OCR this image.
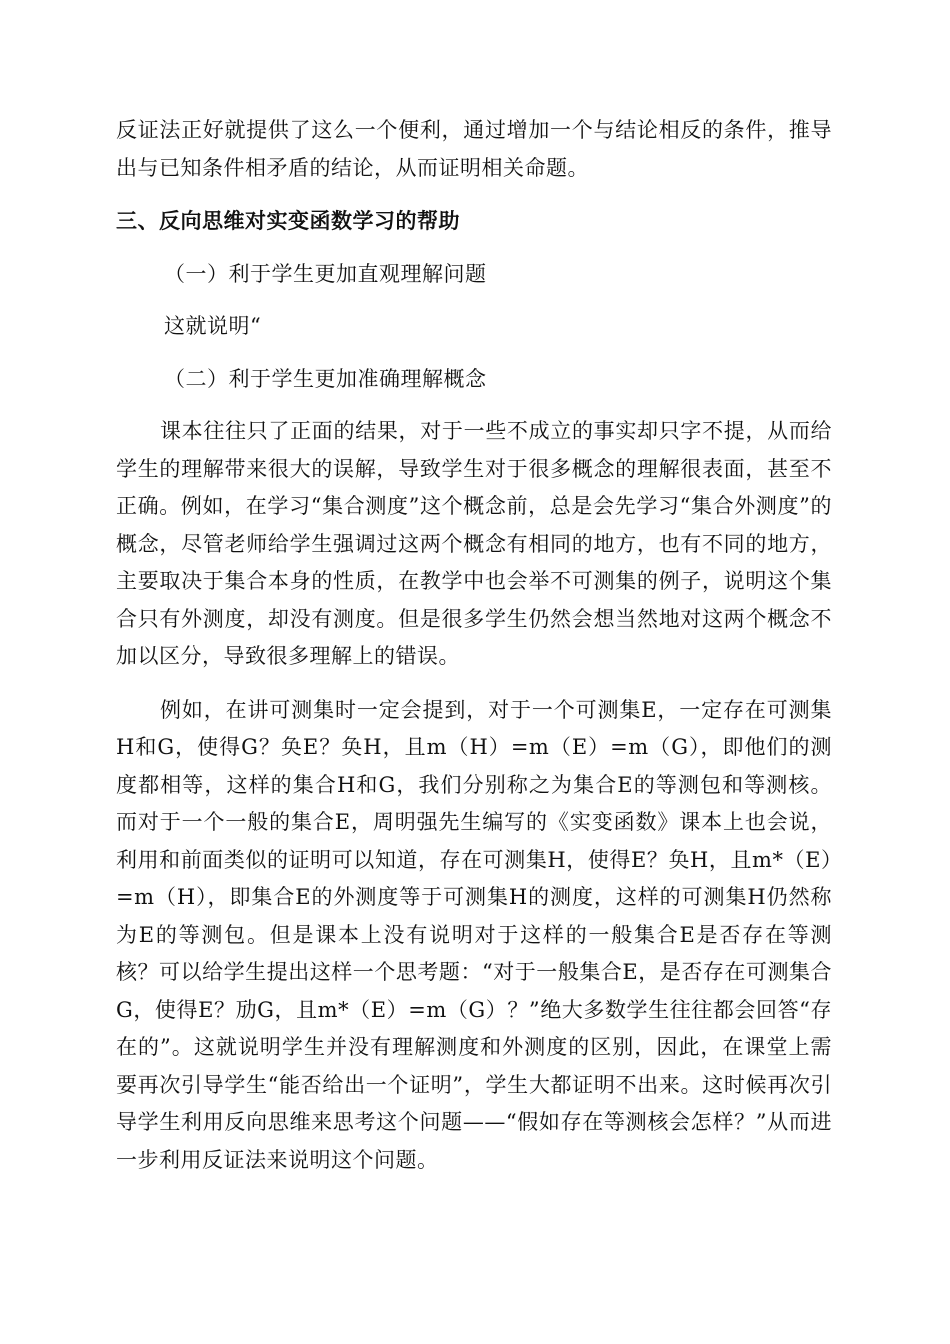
反证法正好就提供了这么一个便利，通过增加一个与结论相反的条件，推导出与已知条件相矛盾的结论，从而证明相关命题。

三、反向思维对实变函数学习的帮助

（一）利于学生更加直观理解问题

这就说明“

（二）利于学生更加准确理解概念

课本往往只了正面的结果，对于一些不成立的事实却只字不提，从而给学生的理解带来很大的误解，导致学生对于很多概念的理解很表面，甚至不正确。例如，在学习“集合测度”这个概念前，总是会先学习“集合外测度”的概念，尽管老师给学生强调过这两个概念有相同的地方，也有不同的地方，主要取决于集合本身的性质，在教学中也会举不可测集的例子，说明这个集合只有外测度，却没有测度。但是很多学生仍然会想当然地对这两个概念不加以区分，导致很多理解上的错误。

例如，在讲可测集时一定会提到，对于一个可测集E，一定存在可测集H和G，使得G？奂E？奂H，且m（H）=m（E）=m（G），即他们的测度都相等，这样的集合H和G，我们分别称之为集合E的等测包和等测核。而对于一个一般的集合E，周明强先生编写的《实变函数》课本上也会说，利用和前面类似的证明可以知道，存在可测集H，使得E？奂H，且m*（E）=m（H），即集合E的外测度等于可测集H的测度，这样的可测集H仍然称为E的等测包。但是课本上没有说明对于这样的一般集合E是否存在等测核？可以给学生提出这样一个思考题：“对于一般集合E，是否存在可测集合G，使得E？劢G，且m*（E）=m（G）？”绝大多数学生往往都会回答“存在的”。这就说明学生并没有理解测度和外测度的区别，因此，在课堂上需要再次引导学生“能否给出一个证明”，学生大都证明不出来。这时候再次引导学生利用反向思维来思考这个问题——“假如存在等测核会怎样？”从而进一步利用反证法来说明这个问题。
